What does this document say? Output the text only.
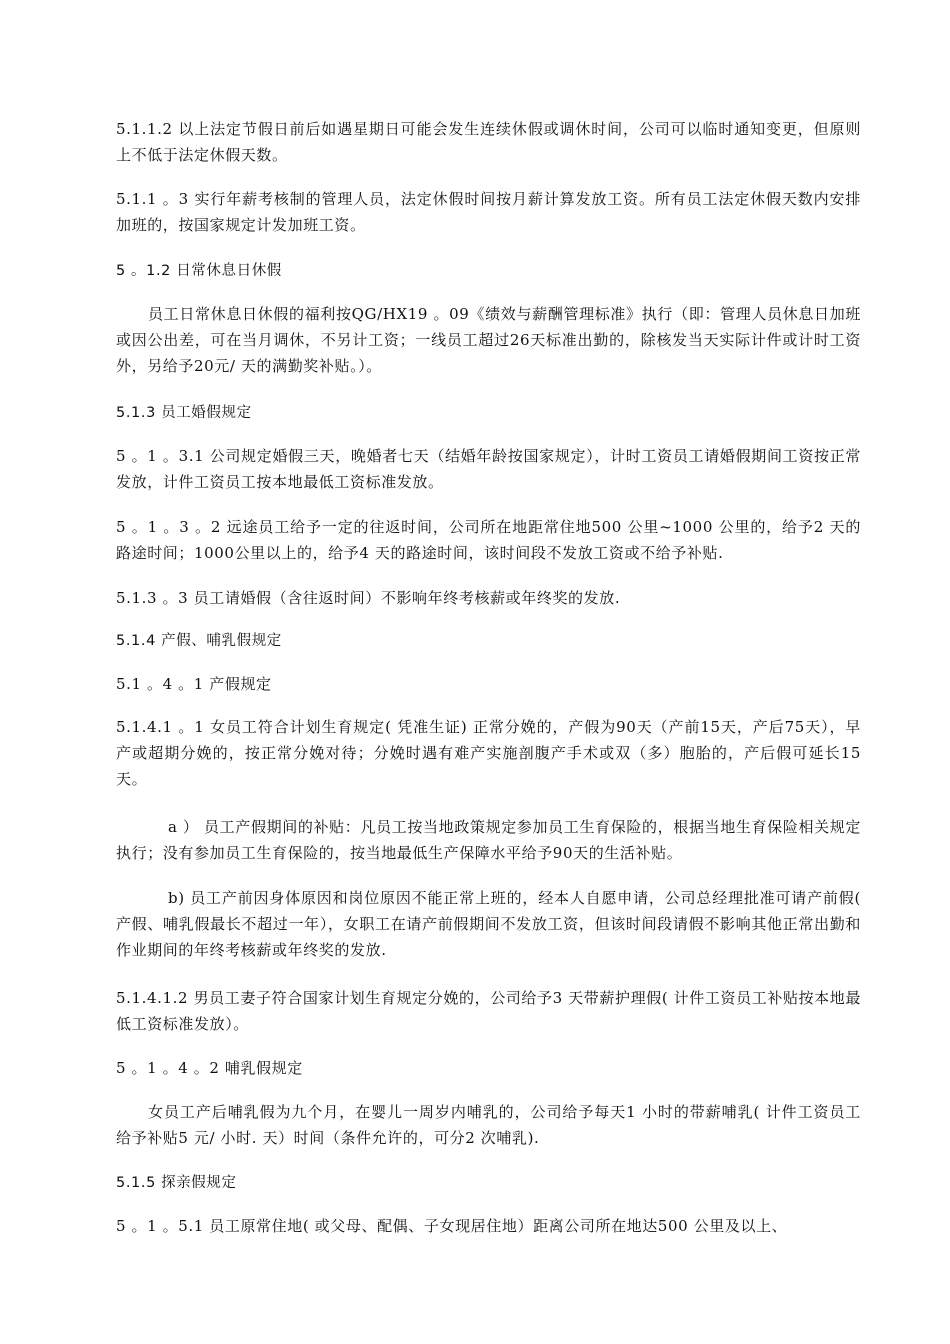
5.1.1.2 以上法定节假日前后如遇星期日可能会发生连续休假或调休时间，公司可以临时通知变更，但原则上不低于法定休假天数。

5.1.1 。3 实行年薪考核制的管理人员，法定休假时间按月薪计算发放工资。所有员工法定休假天数内安排加班的，按国家规定计发加班工资。

5 。1.2 日常休息日休假

员工日常休息日休假的福利按QG/HX19 。09《绩效与薪酬管理标准》执行（即：管理人员休息日加班或因公出差，可在当月调休，不另计工资；一线员工超过26天标准出勤的，除核发当天实际计件或计时工资外，另给予20元/ 天的满勤奖补贴。）。

5.1.3 员工婚假规定

5 。1 。3.1 公司规定婚假三天，晚婚者七天（结婚年龄按国家规定），计时工资员工请婚假期间工资按正常发放，计件工资员工按本地最低工资标准发放。

5 。1 。3 。2 远途员工给予一定的往返时间，公司所在地距常住地500 公里~1000 公里的，给予2 天的路途时间；1000公里以上的，给予4 天的路途时间，该时间段不发放工资或不给予补贴.

5.1.3 。3 员工请婚假（含往返时间）不影响年终考核薪或年终奖的发放.

5.1.4 产假、哺乳假规定

5.1 。4 。1 产假规定

5.1.4.1 。1 女员工符合计划生育规定( 凭准生证) 正常分娩的，产假为90天（产前15天，产后75天），早产或超期分娩的，按正常分娩对待；分娩时遇有难产实施剖腹产手术或双（多）胞胎的，产后假可延长15天。

a ） 员工产假期间的补贴：凡员工按当地政策规定参加员工生育保险的，根据当地生育保险相关规定执行；没有参加员工生育保险的，按当地最低生产保障水平给予90天的生活补贴。

b) 员工产前因身体原因和岗位原因不能正常上班的，经本人自愿申请，公司总经理批准可请产前假( 产假、哺乳假最长不超过一年），女职工在请产前假期间不发放工资，但该时间段请假不影响其他正常出勤和作业期间的年终考核薪或年终奖的发放.

5.1.4.1.2 男员工妻子符合国家计划生育规定分娩的，公司给予3 天带薪护理假( 计件工资员工补贴按本地最低工资标准发放）。

5 。1 。4 。2 哺乳假规定

女员工产后哺乳假为九个月，在婴儿一周岁内哺乳的，公司给予每天1 小时的带薪哺乳( 计件工资员工给予补贴5 元/ 小时. 天）时间（条件允许的，可分2 次哺乳).

5.1.5 探亲假规定

5 。1 。5.1 员工原常住地( 或父母、配偶、子女现居住地）距离公司所在地达500 公里及以上、
